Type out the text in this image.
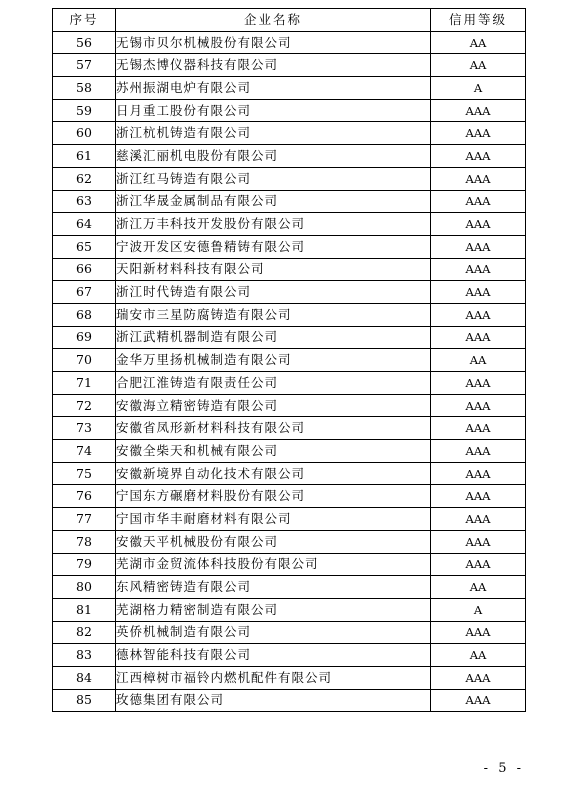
序号	企业名称	信用等级
56	无锡市贝尔机械股份有限公司	AA
57	无锡杰博仪器科技有限公司	AA
58	苏州振湖电炉有限公司	A
59	日月重工股份有限公司	AAA
60	浙江杭机铸造有限公司	AAA
61	慈溪汇丽机电股份有限公司	AAA
62	浙江红马铸造有限公司	AAA
63	浙江华晟金属制品有限公司	AAA
64	浙江万丰科技开发股份有限公司	AAA
65	宁波开发区安德鲁精铸有限公司	AAA
66	天阳新材料科技有限公司	AAA
67	浙江时代铸造有限公司	AAA
68	瑞安市三星防腐铸造有限公司	AAA
69	浙江武精机器制造有限公司	AAA
70	金华万里扬机械制造有限公司	AA
71	合肥江淮铸造有限责任公司	AAA
72	安徽海立精密铸造有限公司	AAA
73	安徽省凤形新材料科技有限公司	AAA
74	安徽全柴天和机械有限公司	AAA
75	安徽新境界自动化技术有限公司	AAA
76	宁国东方碾磨材料股份有限公司	AAA
77	宁国市华丰耐磨材料有限公司	AAA
78	安徽天平机械股份有限公司	AAA
79	芜湖市金贸流体科技股份有限公司	AAA
80	东风精密铸造有限公司	AA
81	芜湖格力精密制造有限公司	A
82	英侨机械制造有限公司	AAA
83	德林智能科技有限公司	AA
84	江西樟树市福铃内燃机配件有限公司	AAA
85	玫德集团有限公司	AAA
- 5 -
